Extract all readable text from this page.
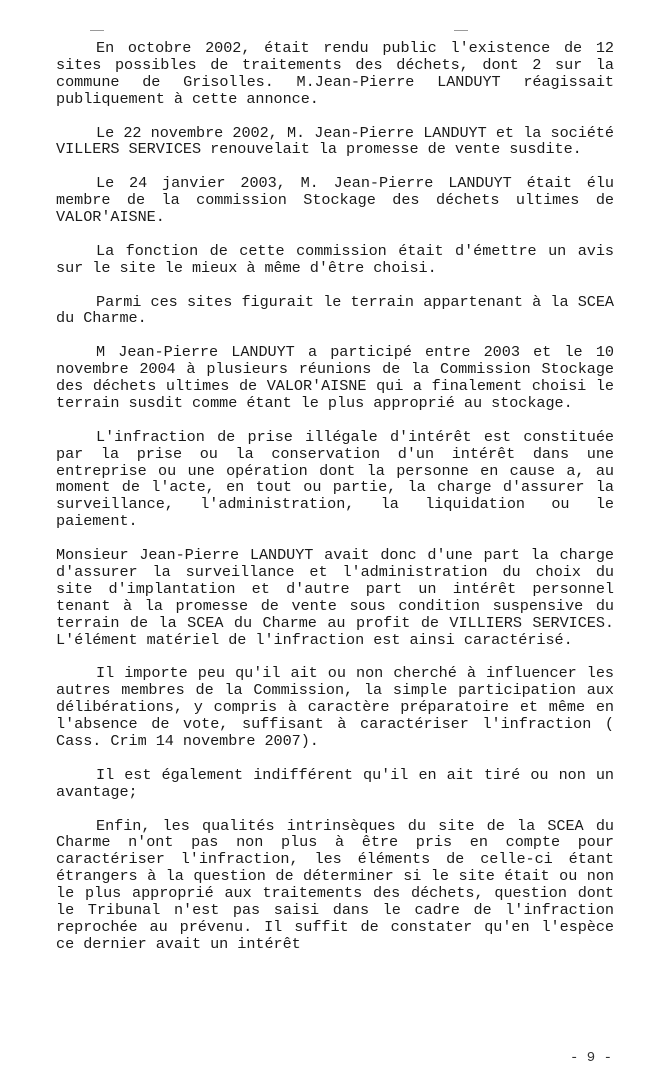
En octobre 2002, était rendu public l'existence de 12 sites possibles de traitements des déchets, dont 2 sur la commune de Grisolles. M.Jean-Pierre LANDUYT réagissait publiquement à cette annonce.

Le 22 novembre 2002, M. Jean-Pierre LANDUYT et la société VILLERS SERVICES renouvelait la promesse de vente susdite.

Le 24 janvier 2003, M. Jean-Pierre LANDUYT était élu membre de la commission Stockage des déchets ultimes de VALOR'AISNE.

La fonction de cette commission était d'émettre un avis sur le site le mieux à même d'être choisi.

Parmi ces sites figurait le terrain appartenant à la SCEA du Charme.

M Jean-Pierre LANDUYT a participé entre 2003 et le 10 novembre 2004 à plusieurs réunions de la Commission Stockage des déchets ultimes de VALOR'AISNE qui a finalement choisi le terrain susdit comme étant le plus approprié au stockage.

L'infraction de prise illégale d'intérêt est constituée par la prise ou la conservation d'un intérêt dans une entreprise ou une opération dont la personne en cause a, au moment de l'acte, en tout ou partie, la charge d'assurer la surveillance, l'administration, la liquidation ou le paiement.

Monsieur Jean-Pierre LANDUYT avait donc d'une part la charge d'assurer la surveillance et l'administration du choix du site d'implantation et d'autre part un intérêt personnel tenant à la promesse de vente sous condition suspensive du terrain de la SCEA du Charme au profit de VILLIERS SERVICES. L'élément matériel de l'infraction est ainsi caractérisé.

Il importe peu qu'il ait ou non cherché à influencer les autres membres de la Commission, la simple participation aux délibérations, y compris à caractère préparatoire et même en l'absence de vote, suffisant à caractériser l'infraction ( Cass. Crim 14 novembre 2007).

Il est également indifférent qu'il en ait tiré ou non un avantage;

Enfin, les qualités intrinsèques du site de la SCEA du Charme n'ont pas non plus à être pris en compte pour caractériser l'infraction, les éléments de celle-ci étant étrangers à la question de déterminer si le site était ou non le plus approprié aux traitements des déchets, question dont le Tribunal n'est pas saisi dans le cadre de l'infraction reprochée au prévenu. Il suffit de constater qu'en l'espèce ce dernier avait un intérêt

- 9 -
